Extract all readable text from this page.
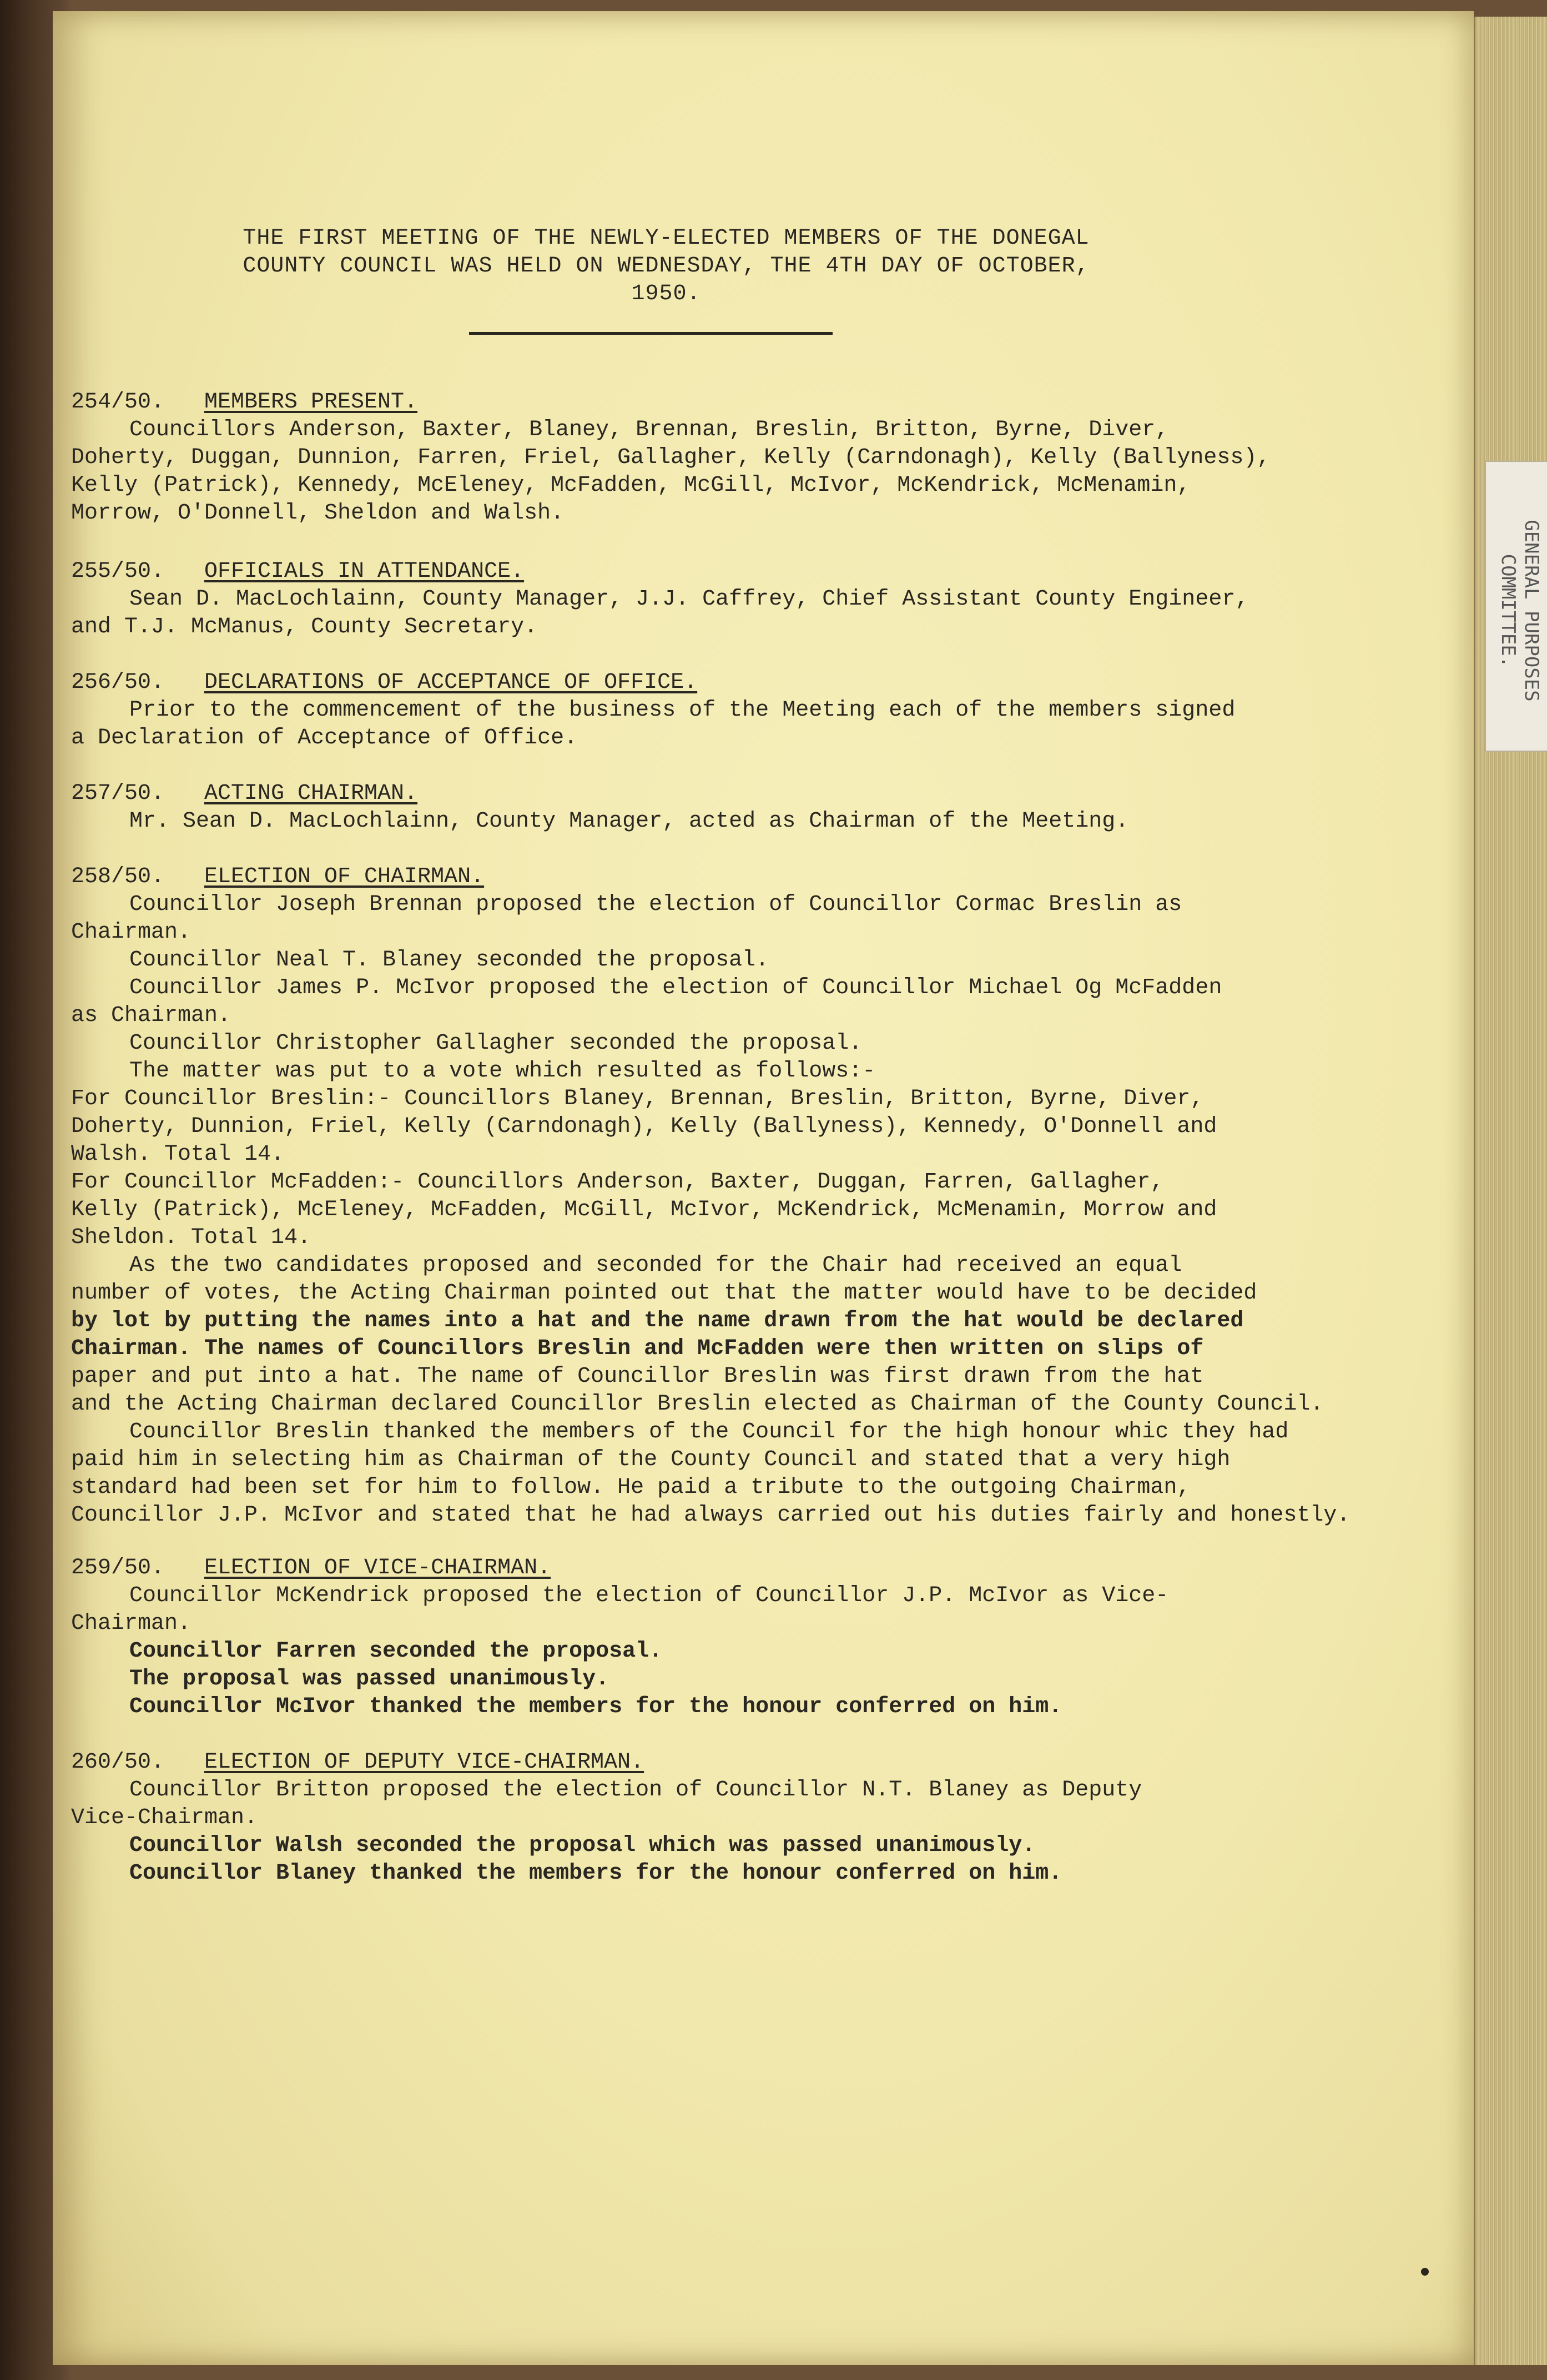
GENERAL PURPOSES
COMMITTEE.
THE FIRST MEETING OF THE NEWLY-ELECTED MEMBERS OF THE DONEGAL
COUNTY COUNCIL WAS HELD ON WEDNESDAY, THE 4TH DAY OF OCTOBER,
1950.
254/50. MEMBERS PRESENT.
Councillors Anderson, Baxter, Blaney, Brennan, Breslin, Britton, Byrne, Diver,
Doherty, Duggan, Dunnion, Farren, Friel, Gallagher, Kelly (Carndonagh), Kelly (Ballyness),
Kelly (Patrick), Kennedy, McEleney, McFadden, McGill, McIvor, McKendrick, McMenamin,
Morrow, O'Donnell, Sheldon and Walsh.
255/50. OFFICIALS IN ATTENDANCE.
Sean D. MacLochlainn, County Manager, J.J. Caffrey, Chief Assistant County Engineer,
and T.J. McManus, County Secretary.
256/50. DECLARATIONS OF ACCEPTANCE OF OFFICE.
Prior to the commencement of the business of the Meeting each of the members signed
a Declaration of Acceptance of Office.
257/50. ACTING CHAIRMAN.
Mr. Sean D. MacLochlainn, County Manager, acted as Chairman of the Meeting.
258/50. ELECTION OF CHAIRMAN.
Councillor Joseph Brennan proposed the election of Councillor Cormac Breslin as
Chairman.
Councillor Neal T. Blaney seconded the proposal.
Councillor James P. McIvor proposed the election of Councillor Michael Og McFadden
as Chairman.
Councillor Christopher Gallagher seconded the proposal.
The matter was put to a vote which resulted as follows:-
For Councillor Breslin:- Councillors Blaney, Brennan, Breslin, Britton, Byrne, Diver,
Doherty, Dunnion, Friel, Kelly (Carndonagh), Kelly (Ballyness), Kennedy, O'Donnell and
Walsh. Total 14.
For Councillor McFadden:- Councillors Anderson, Baxter, Duggan, Farren, Gallagher,
Kelly (Patrick), McEleney, McFadden, McGill, McIvor, McKendrick, McMenamin, Morrow and
Sheldon. Total 14.
As the two candidates proposed and seconded for the Chair had received an equal
number of votes, the Acting Chairman pointed out that the matter would have to be decided
by lot by putting the names into a hat and the name drawn from the hat would be declared
Chairman. The names of Councillors Breslin and McFadden were then written on slips of
paper and put into a hat. The name of Councillor Breslin was first drawn from the hat
and the Acting Chairman declared Councillor Breslin elected as Chairman of the County Council.
Councillor Breslin thanked the members of the Council for the high honour whic they had
paid him in selecting him as Chairman of the County Council and stated that a very high
standard had been set for him to follow. He paid a tribute to the outgoing Chairman,
Councillor J.P. McIvor and stated that he had always carried out his duties fairly and honestly.
259/50. ELECTION OF VICE-CHAIRMAN.
Councillor McKendrick proposed the election of Councillor J.P. McIvor as Vice-
Chairman.
Councillor Farren seconded the proposal.
The proposal was passed unanimously.
Councillor McIvor thanked the members for the honour conferred on him.
260/50. ELECTION OF DEPUTY VICE-CHAIRMAN.
Councillor Britton proposed the election of Councillor N.T. Blaney as Deputy
Vice-Chairman.
Councillor Walsh seconded the proposal which was passed unanimously.
Councillor Blaney thanked the members for the honour conferred on him.
